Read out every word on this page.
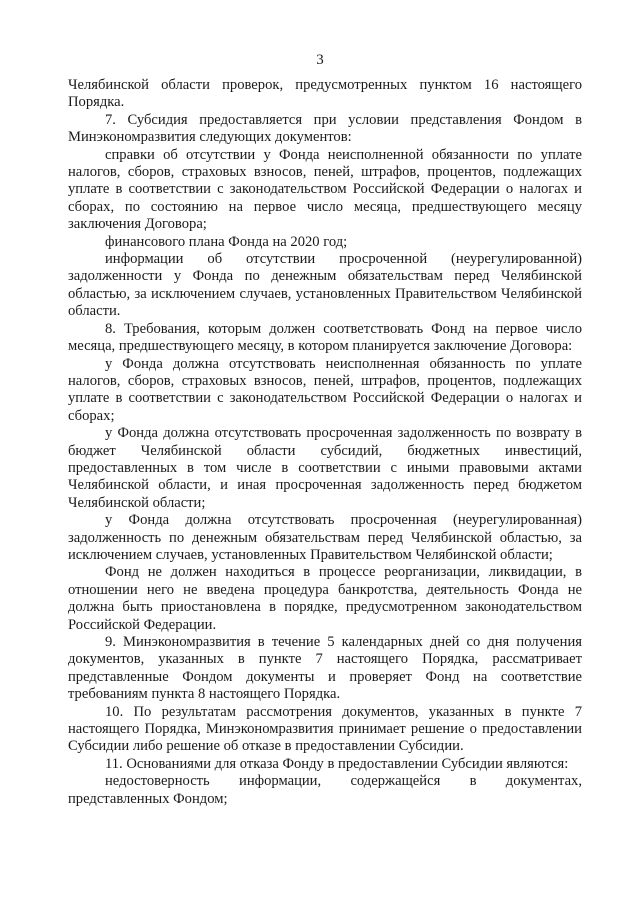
3

Челябинской области проверок, предусмотренных пунктом 16 настоящего Порядка.

7. Субсидия предоставляется при условии представления Фондом в Минэкономразвития следующих документов:

справки об отсутствии у Фонда неисполненной обязанности по уплате налогов, сборов, страховых взносов, пеней, штрафов, процентов, подлежащих уплате в соответствии с законодательством Российской Федерации о налогах и сборах, по состоянию на первое число месяца, предшествующего месяцу заключения Договора;

финансового плана Фонда на 2020 год;

информации об отсутствии просроченной (неурегулированной) задолженности у Фонда по денежным обязательствам перед Челябинской областью, за исключением случаев, установленных Правительством Челябинской области.

8. Требования, которым должен соответствовать Фонд на первое число месяца, предшествующего месяцу, в котором планируется заключение Договора:

у Фонда должна отсутствовать неисполненная обязанность по уплате налогов, сборов, страховых взносов, пеней, штрафов, процентов, подлежащих уплате в соответствии с законодательством Российской Федерации о налогах и сборах;

у Фонда должна отсутствовать просроченная задолженность по возврату в бюджет Челябинской области субсидий, бюджетных инвестиций, предоставленных в том числе в соответствии с иными правовыми актами Челябинской области, и иная просроченная задолженность перед бюджетом Челябинской области;

у Фонда должна отсутствовать просроченная (неурегулированная) задолженность по денежным обязательствам перед Челябинской областью, за исключением случаев, установленных Правительством Челябинской области;

Фонд не должен находиться в процессе реорганизации, ликвидации, в отношении него не введена процедура банкротства, деятельность Фонда не должна быть приостановлена в порядке, предусмотренном законодательством Российской Федерации.

9. Минэкономразвития в течение 5 календарных дней со дня получения документов, указанных в пункте 7 настоящего Порядка, рассматривает представленные Фондом документы и проверяет Фонд на соответствие требованиям пункта 8 настоящего Порядка.

10. По результатам рассмотрения документов, указанных в пункте 7 настоящего Порядка, Минэкономразвития принимает решение о предоставлении Субсидии либо решение об отказе в предоставлении Субсидии.

11. Основаниями для отказа Фонду в предоставлении Субсидии являются:

недостоверность информации, содержащейся в документах, представленных Фондом;
